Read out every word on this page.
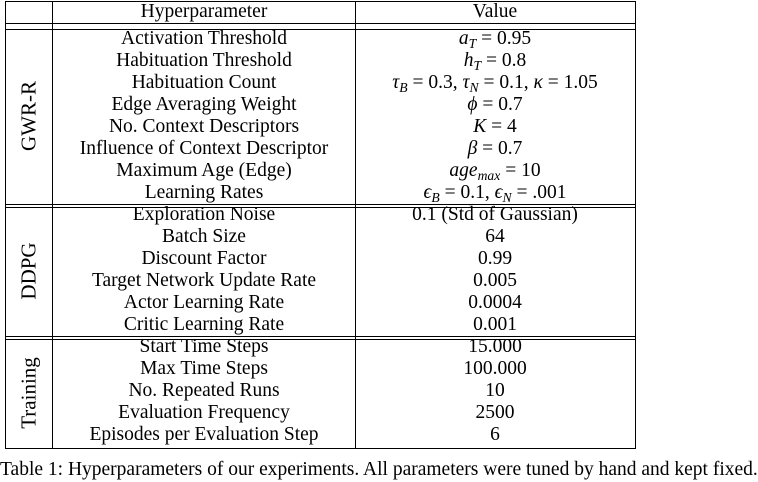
Hyperparameter	Value
GWR-R
DDPG
Training
Activation Threshold
Habituation Threshold
Habituation Count
Edge Averaging Weight
No. Context Descriptors
Influence of Context Descriptor
Maximum Age (Edge)
Learning Rates
$a_T = 0.95$
$h_T = 0.8$
$\tau_B = 0.3$, $\tau_N = 0.1$, κ = 1.05
ϕ = 0.7
K = 4
β = 0.7
age$_{max}$ = 10
$\epsilon_B = 0.1$, $\epsilon_N = .001$
Exploration Noise
Batch Size
Discount Factor
Target Network Update Rate
Actor Learning Rate
Critic Learning Rate
0.1 (Std of Gaussian)
64
0.99
0.005
0.0004
0.001
Start Time Steps
Max Time Steps
No. Repeated Runs
Evaluation Frequency
Episodes per Evaluation Step
15.000
100.000
10
2500
6
Table 1: Hyperparameters of our experiments. All parameters were tuned by hand and kept fixed.
